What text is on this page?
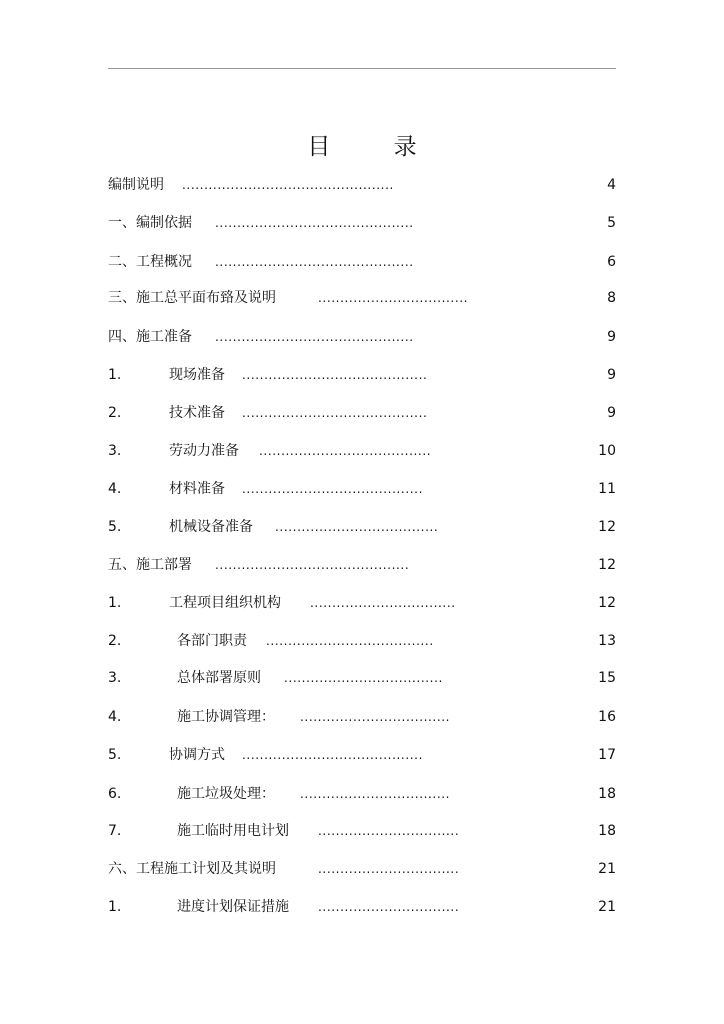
目 录
编制说明 ................................................	4
一、编制依据 .............................................	5
二、工程概况 .............................................	6
三、施工总平面布臵及说明	..................................	8
四、施工准备 .............................................	9
1.	现场准备 ..........................................	9
2.	技术准备 ..........................................	9
3.	劳动力准备 .......................................	10
4.	材料准备 .........................................	11
5.	机械设备准备 .....................................	12
五、施工部署 ............................................	12
1.	工程项目组织机构 .................................	12
2.	各部门职责 ......................................	13
3.	总体部署原则 ....................................	15
4.	施工协调管理： ..................................	16
5.	协调方式 .........................................	17
6.	施工垃圾处理： ..................................	18
7.	施工临时用电计划 ................................	18
六、工程施工计划及其说明	................................	21
1.	进度计划保证措施 ................................	21
